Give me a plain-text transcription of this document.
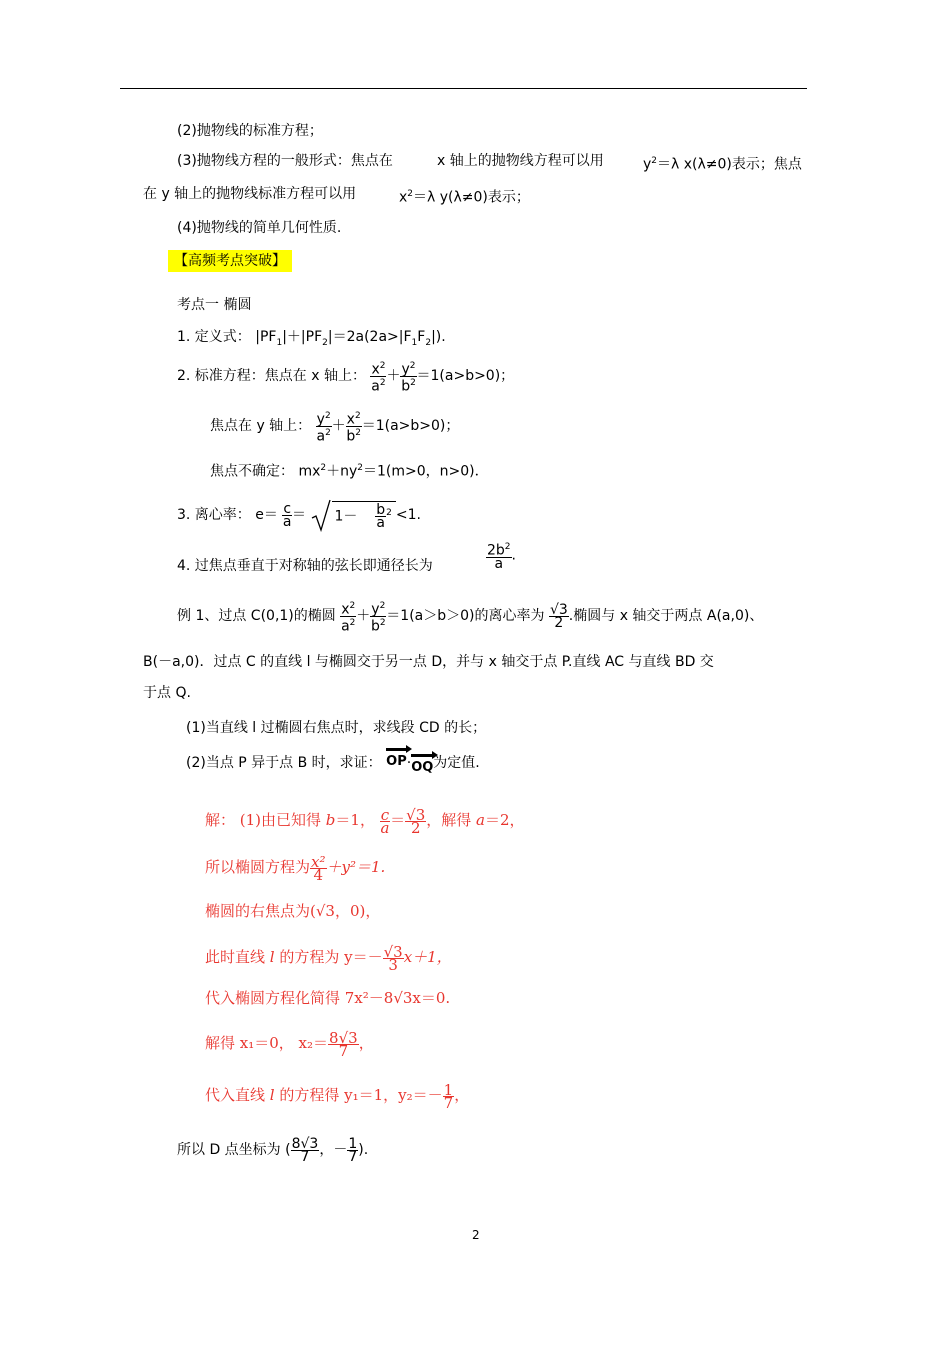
(2)抛物线的标准方程；
(3)抛物线方程的一般形式：焦点在	x 轴上的抛物线方程可以用	$y^2=\lambda$ x(λ≠0)表示；焦点
在 y 轴上的抛物线标准方程可以用	$x^2=\lambda$ y(λ≠0)表示；
(4)抛物线的简单几何性质.
【高频考点突破】
考点一 椭圆
1. 定义式： $|PF_1|+|PF_2|=2a(2a>|F_1F_2|)$.
2. 标准方程：焦点在 x 轴上： $\frac{x^2}{a^2} + \frac{y^2}{b^2} =1(a>b>0)$；
焦点在 y 轴上： $\frac{y^2}{a^2} + \frac{x^2}{b^2} =1(a>b>0)$；
焦点不确定： $mx^2+ny^2=1(m>0$，n>0)．
3. 离心率： $e= \frac{c}{a} = 1- \frac{b}{a} ^2 <1$.
4. 过焦点垂直于对称轴的弦长即通径长为	$\frac{2b^2}{a}$ .
例 1、过点 C(0,1)的椭圆 $\frac{x^2}{a^2} + \frac{y^2}{b^2} =1(a>b>0)$的离心率为 $\frac{√3}{2}$ .椭圆与 x 轴交于两点 A(a,0)、
B(－a,0)．过点 C 的直线 l 与椭圆交于另一点 D，并与 x 轴交于点 P.直线 AC 与直线 BD 交
于点 Q.
(1)当直线 l 过椭圆右焦点时，求线段 CD 的长；
(2)当点 P 异于点 B 时，求证： OP·
OQ为定值.
解： (1)由已知得 b＝1， $\frac{c}{a}= \frac{√3}{2}$ ，解得 a＝2，
所以椭圆方程为 $\frac{\text{x²}}{4} +y^2=1$.
椭圆的右焦点为(√3，0)，
此时直线 l 的方程为 $y=- \frac{√3}{3} x+1$，
代入椭圆方程化简得 7x²－8√3x＝0.
解得 x₁＝0， $x_2= \frac{8√3}{7}$ ，
代入直线 l 的方程得 y₁＝1，$y_2=- \frac{1}{7}$ ，
所以 D 点坐标为 ( $\frac{8√3}{7}$ ，－ $\frac{1}{7}$ ).
2
